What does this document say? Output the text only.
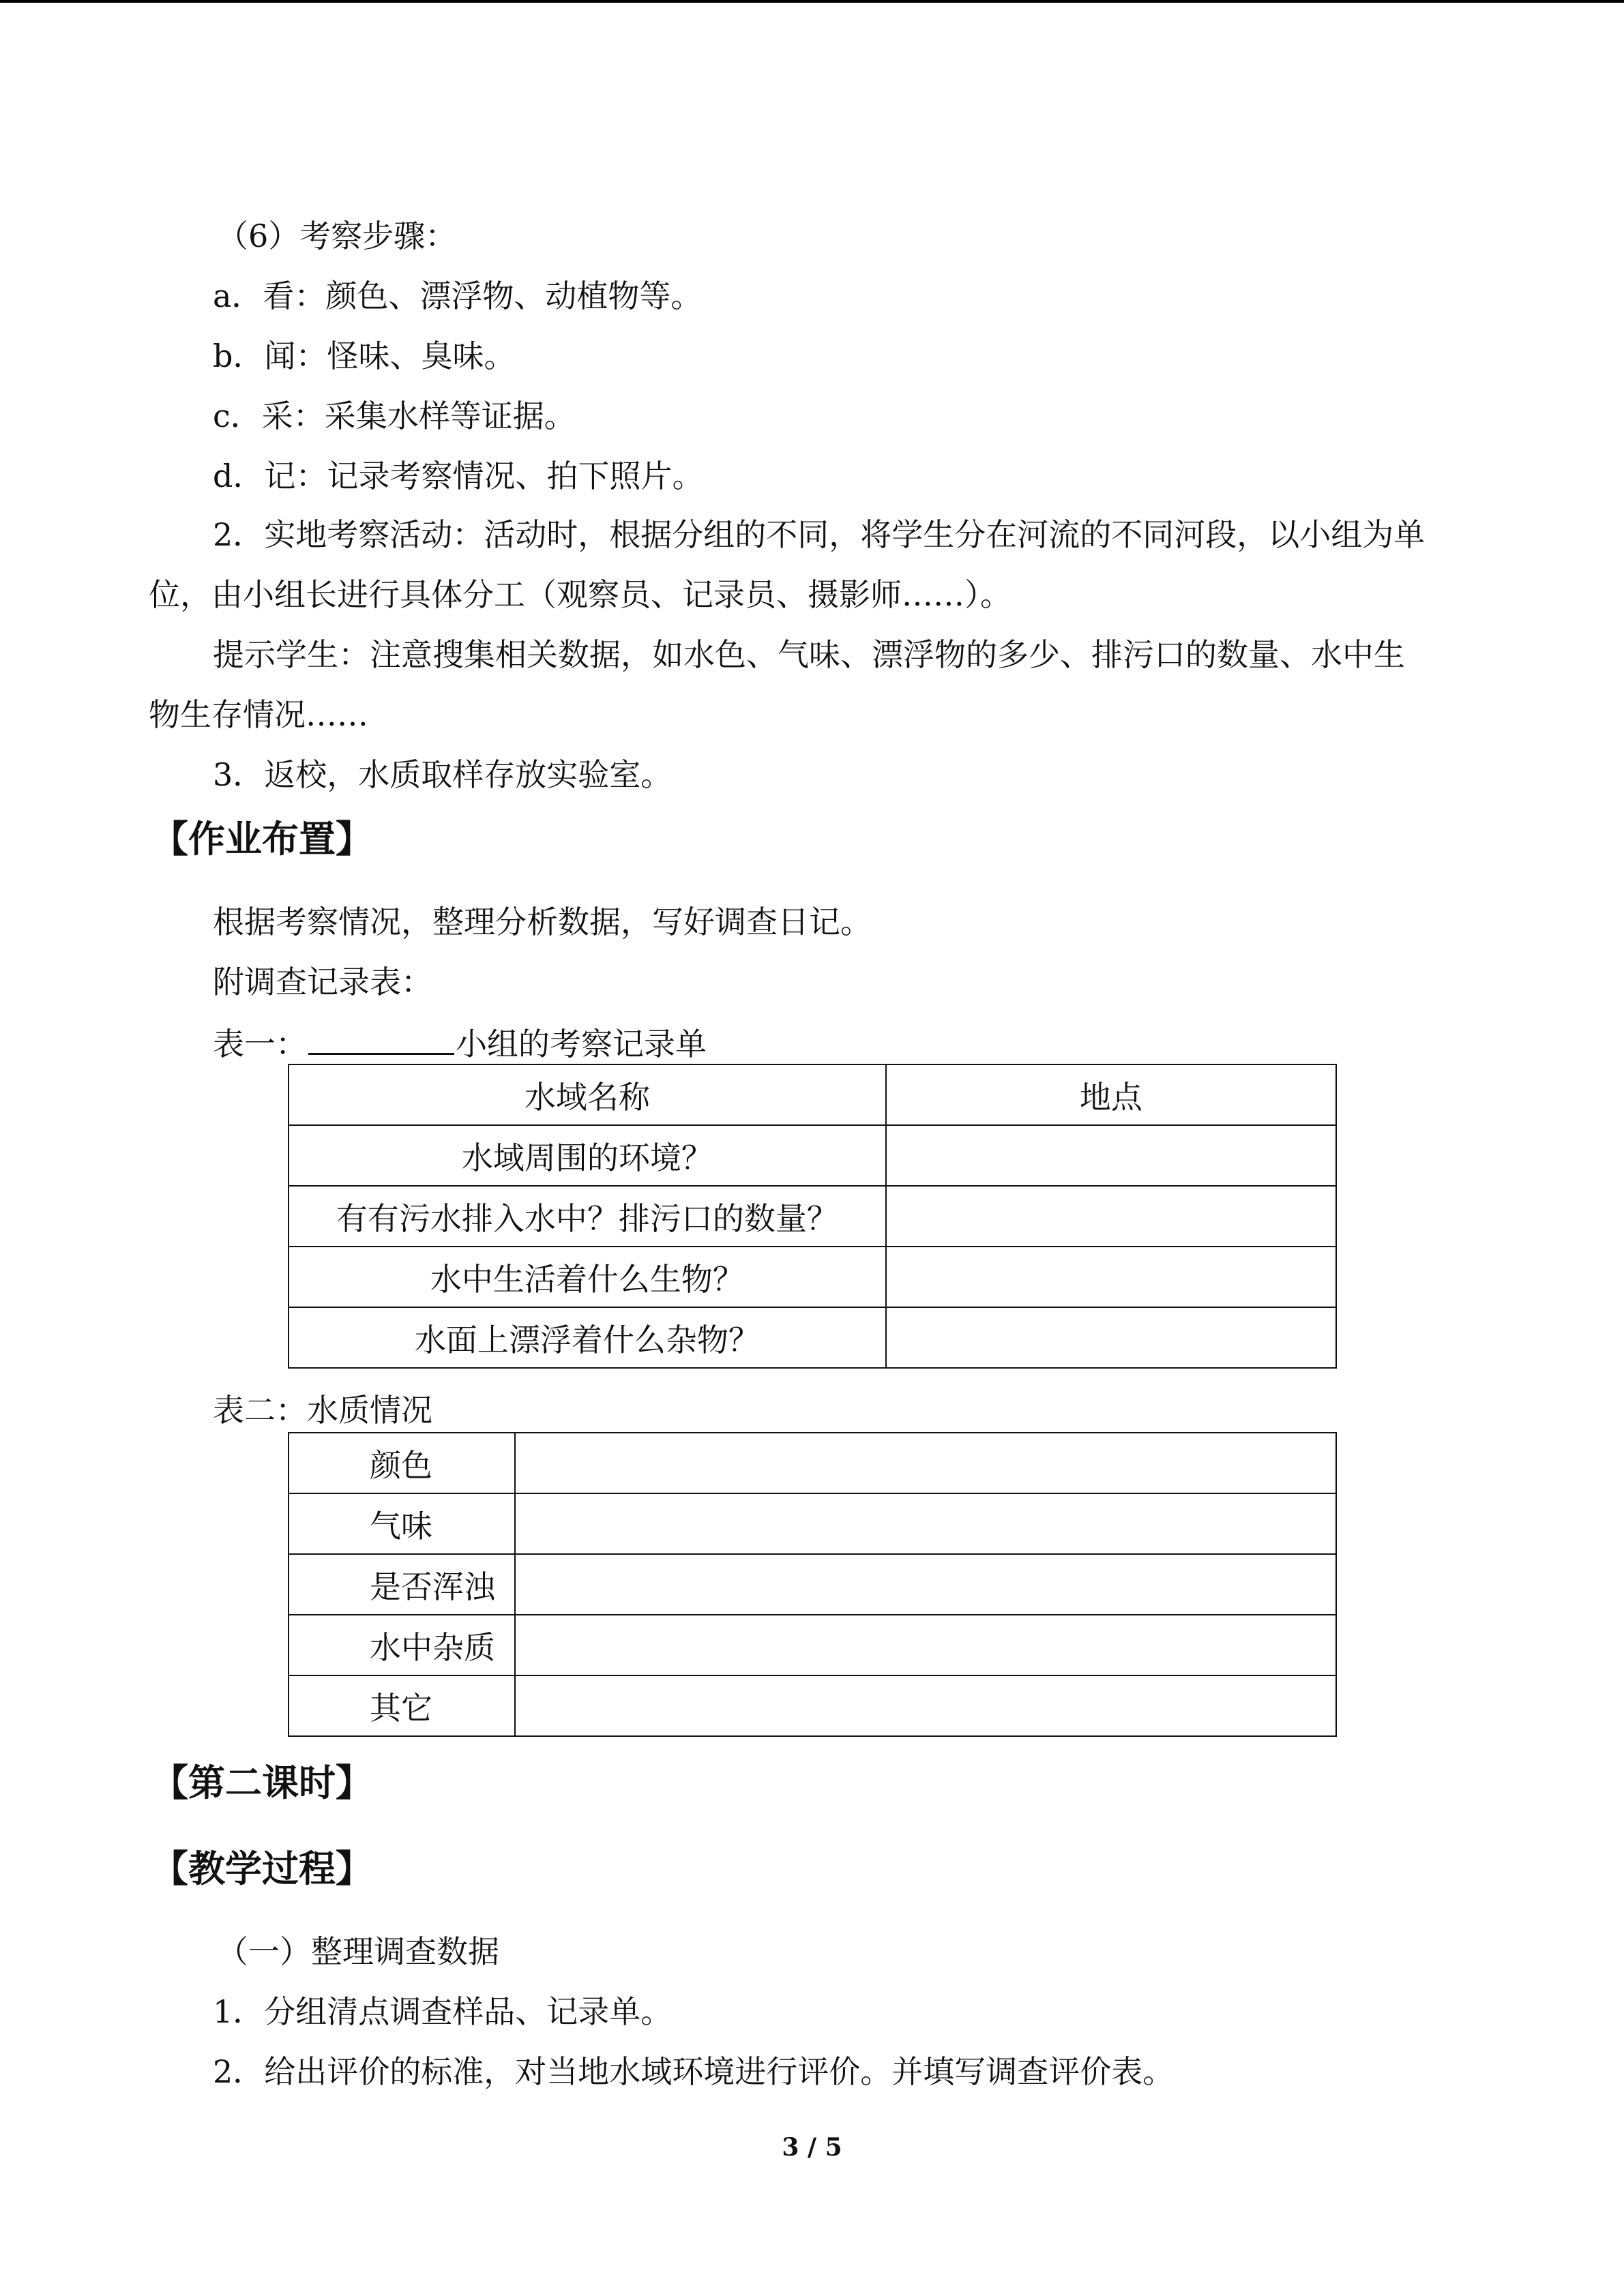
（6）考察步骤：
a．看：颜色、漂浮物、动植物等。
b．闻：怪味、臭味。
c．采：采集水样等证据。
d．记：记录考察情况、拍下照片。
2．实地考察活动：活动时，根据分组的不同，将学生分在河流的不同河段，以小组为单
位，由小组长进行具体分工（观察员、记录员、摄影师……）。
提示学生：注意搜集相关数据，如水色、气味、漂浮物的多少、排污口的数量、水中生
物生存情况……
3．返校，水质取样存放实验室。
【作业布置】
根据考察情况，整理分析数据，写好调查日记。
附调查记录表：
表一：	小组的考察记录单
水域名称	地点
水域周围的环境？	
有有污水排入水中？排污口的数量？	
水中生活着什么生物？	
水面上漂浮着什么杂物？	
表二：水质情况
颜色	
气味	
是否浑浊	
水中杂质	
其它	
【第二课时】
【教学过程】
（一）整理调查数据
1．分组清点调查样品、记录单。
2．给出评价的标准，对当地水域环境进行评价。并填写调查评价表。
3 / 5
